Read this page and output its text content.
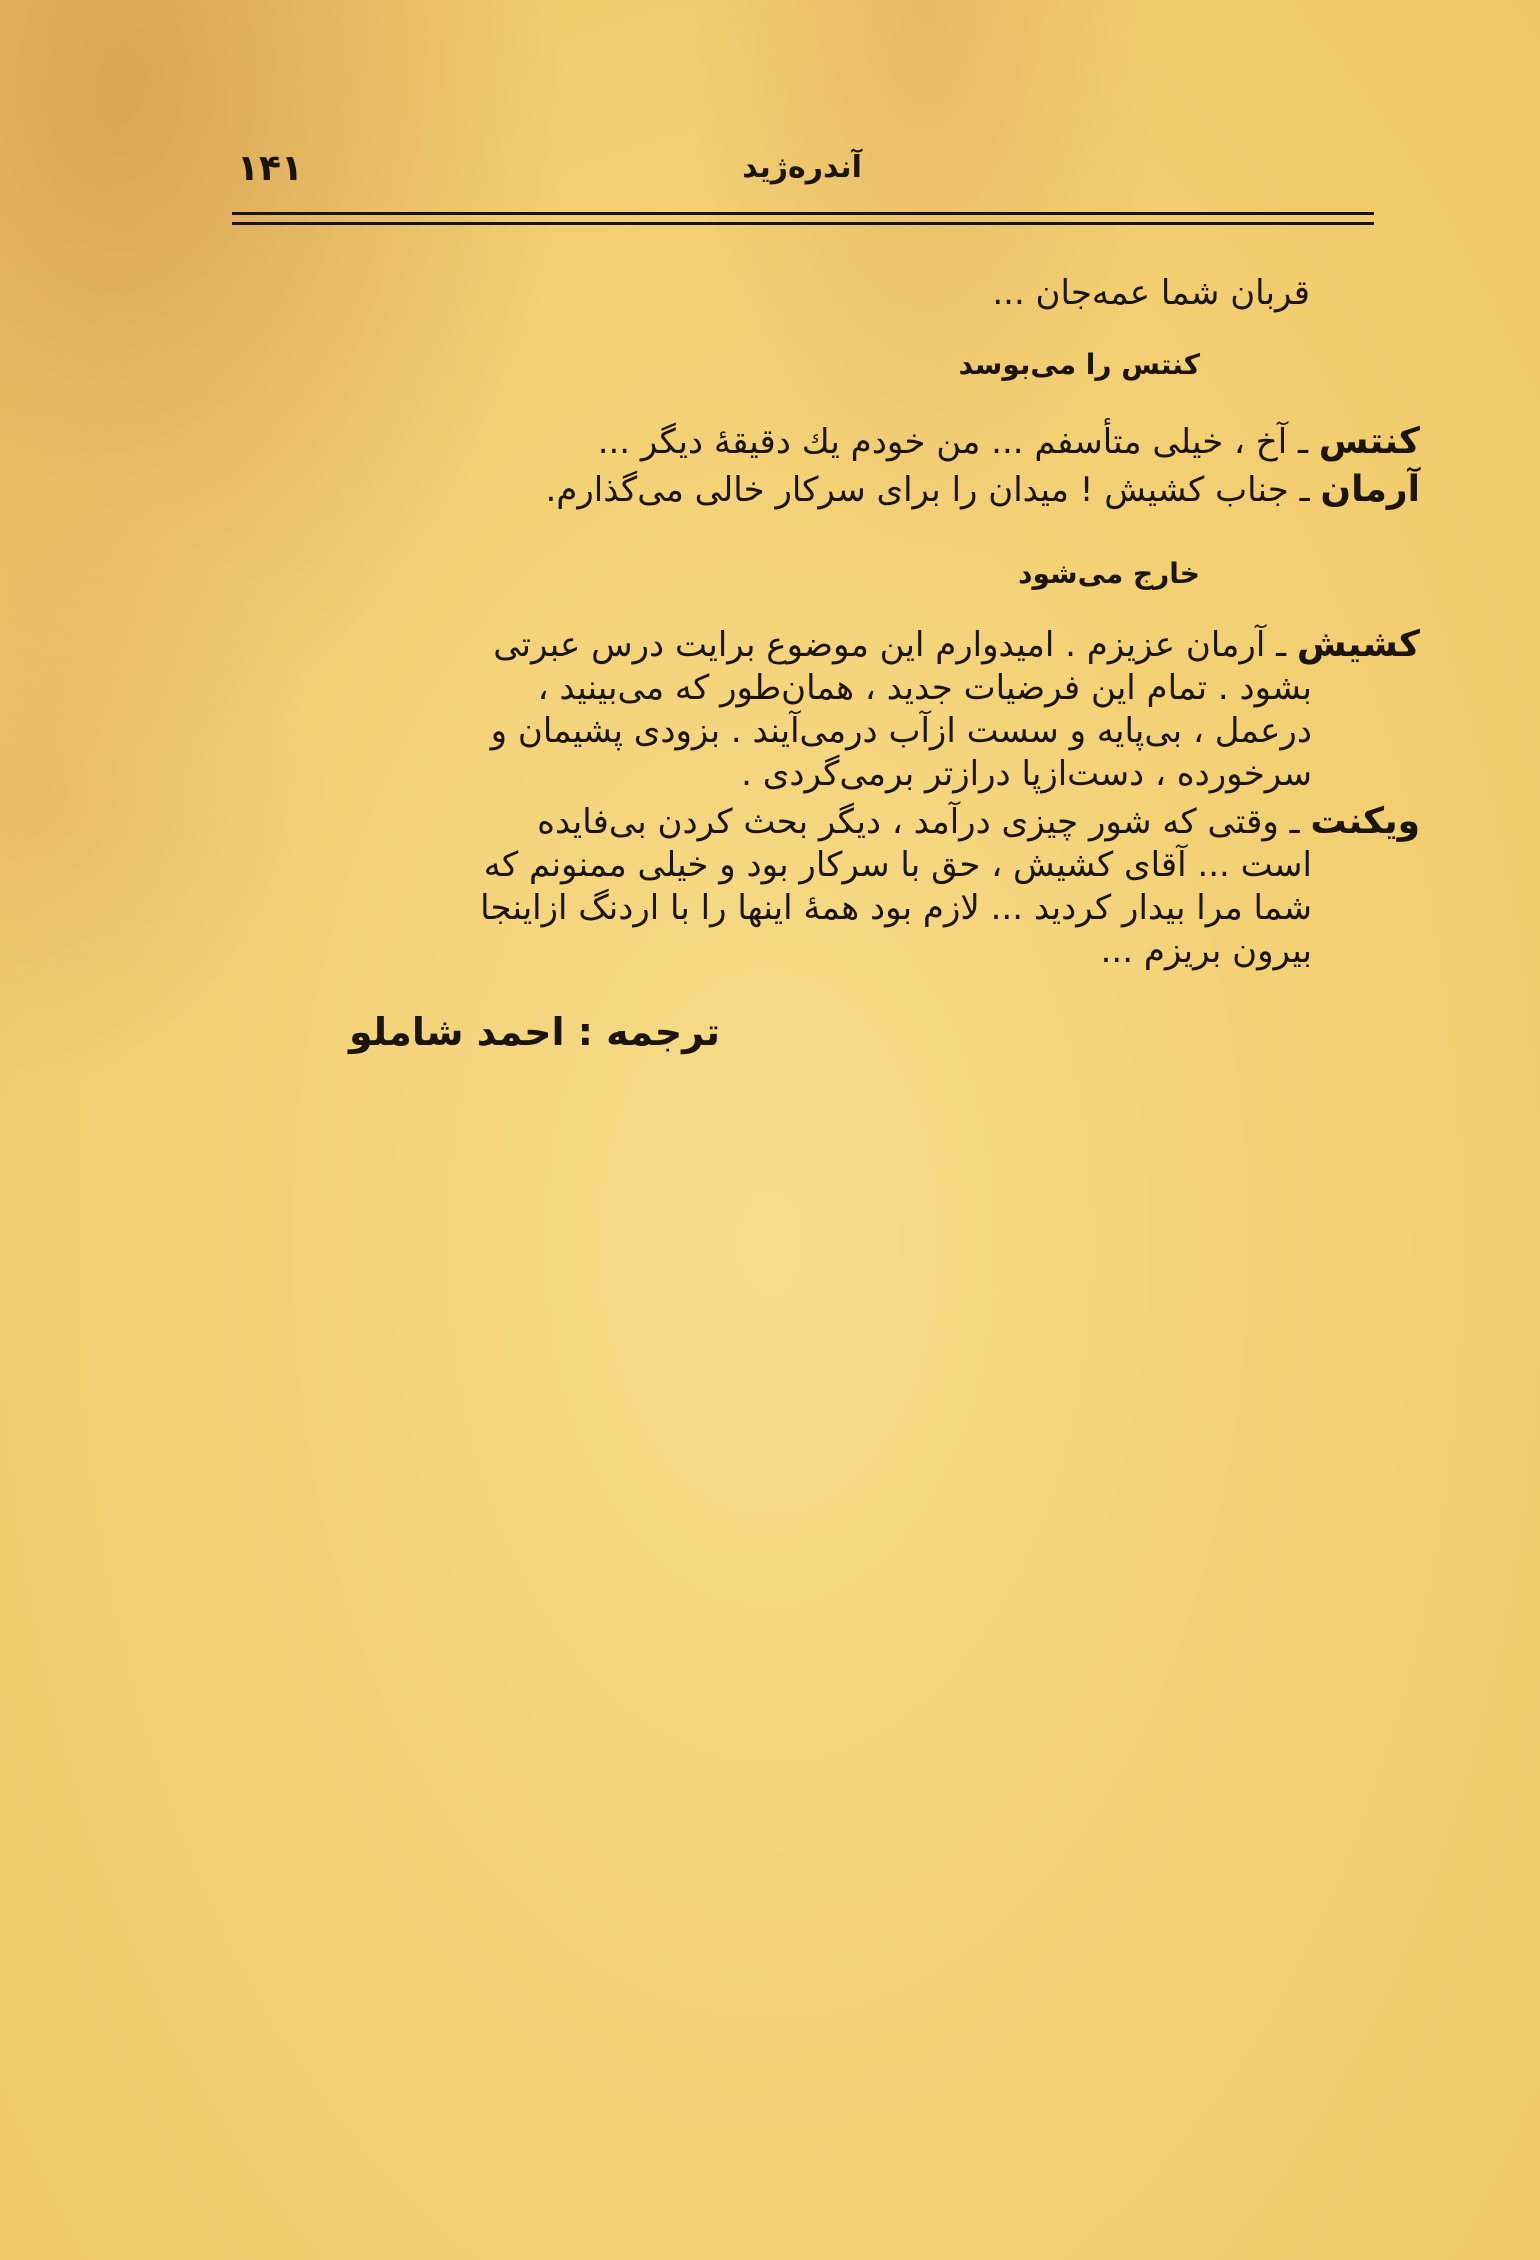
۱۴۱	آندره‌ژید

قربان شما عمه‌جان ...

کنتس را می‌بوسد

کنتس ـ آخ ، خیلی متأسفم ... من خودم یك دقیقهٔ دیگر ...

آرمان ـ جناب کشیش ! میدان را برای سرکار خالی می‌گذارم.

خارج می‌شود

کشیش ـ آرمان عزیزم . امیدوارم این موضوع برایت درس عبرتی
بشود . تمام این فرضیات جدید ، همان‌طور که می‌بینید ،
درعمل ، بی‌پایه و سست ازآب درمی‌آیند . بزودی پشیمان و
سرخورده ، دست‌ازپا درازتر برمی‌گردی .

ویکنت ـ وقتی که شور چیزی درآمد ، دیگر بحث کردن بی‌فایده
است ... آقای کشیش ، حق با سرکار بود و خیلی ممنونم که
شما مرا بیدار کردید ... لازم بود همهٔ اینها را با اردنگ ازاینجا
بیرون بریزم ...

ترجمه : احمد شاملو
